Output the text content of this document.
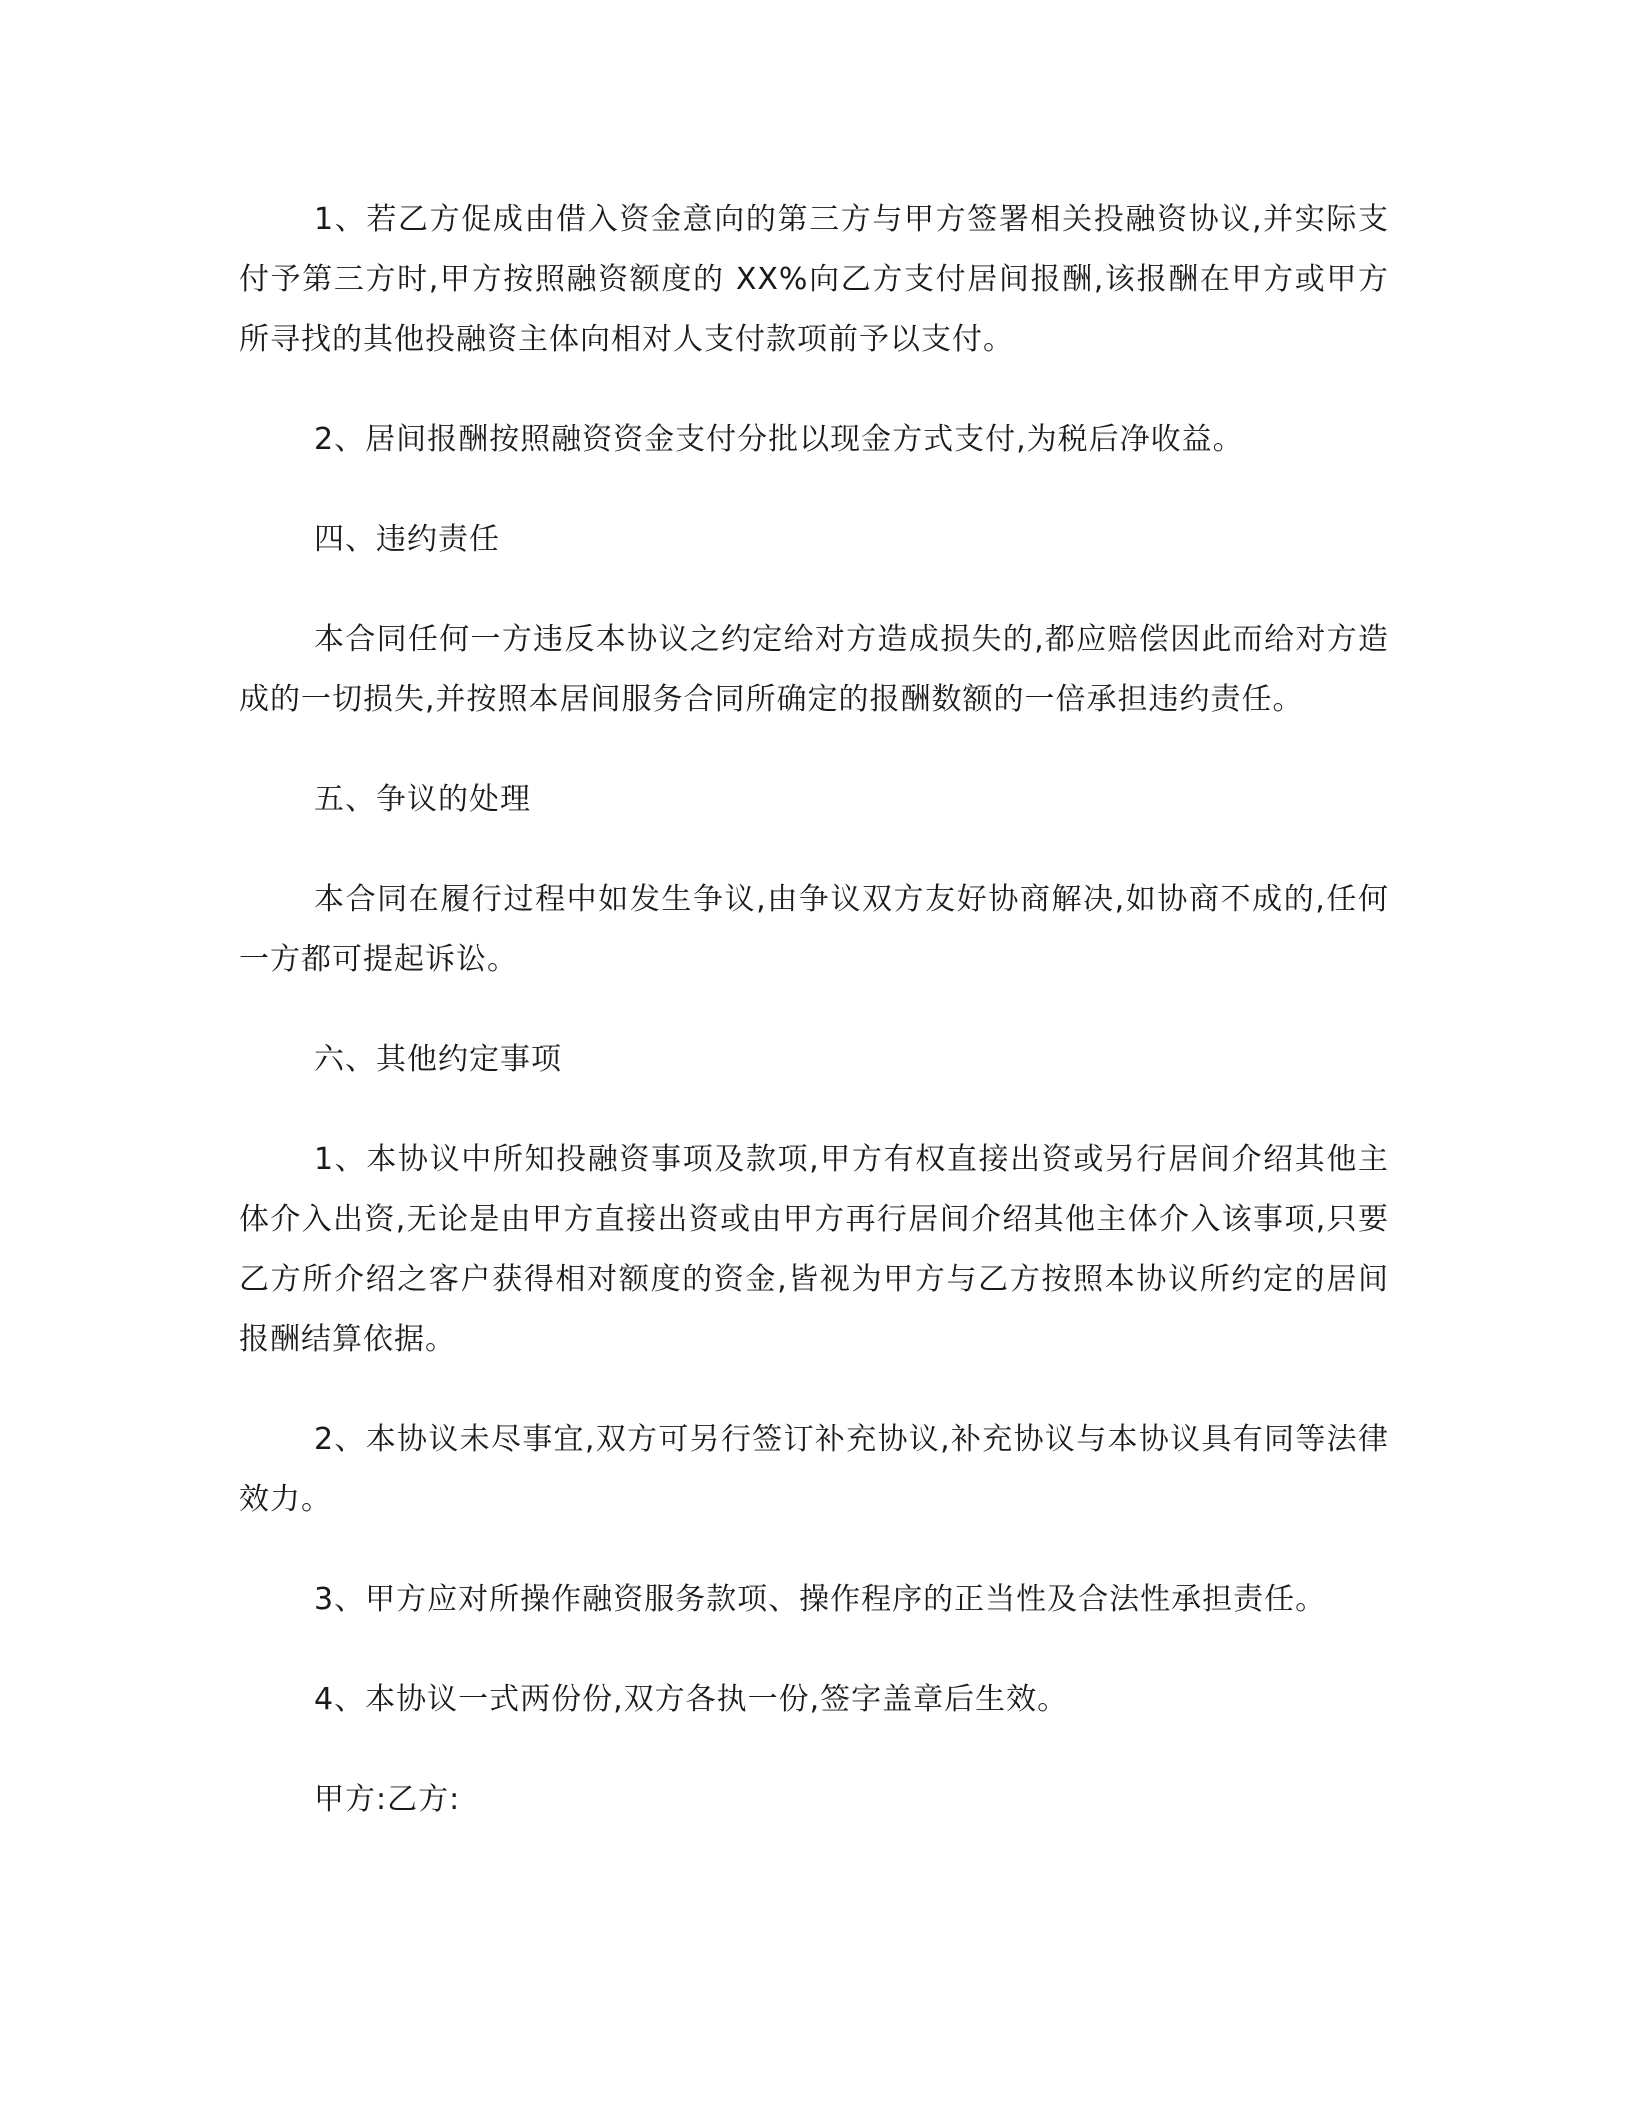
1、若乙方促成由借入资金意向的第三方与甲方签署相关投融资协议,并实际支付予第三方时,甲方按照融资额度的 XX%向乙方支付居间报酬,该报酬在甲方或甲方所寻找的其他投融资主体向相对人支付款项前予以支付。

2、居间报酬按照融资资金支付分批以现金方式支付,为税后净收益。

四、违约责任

本合同任何一方违反本协议之约定给对方造成损失的,都应赔偿因此而给对方造成的一切损失,并按照本居间服务合同所确定的报酬数额的一倍承担违约责任。

五、争议的处理

本合同在履行过程中如发生争议,由争议双方友好协商解决,如协商不成的,任何一方都可提起诉讼。

六、其他约定事项

1、本协议中所知投融资事项及款项,甲方有权直接出资或另行居间介绍其他主体介入出资,无论是由甲方直接出资或由甲方再行居间介绍其他主体介入该事项,只要乙方所介绍之客户获得相对额度的资金,皆视为甲方与乙方按照本协议所约定的居间报酬结算依据。

2、本协议未尽事宜,双方可另行签订补充协议,补充协议与本协议具有同等法律效力。

3、甲方应对所操作融资服务款项、操作程序的正当性及合法性承担责任。

4、本协议一式两份份,双方各执一份,签字盖章后生效。

甲方:乙方:
